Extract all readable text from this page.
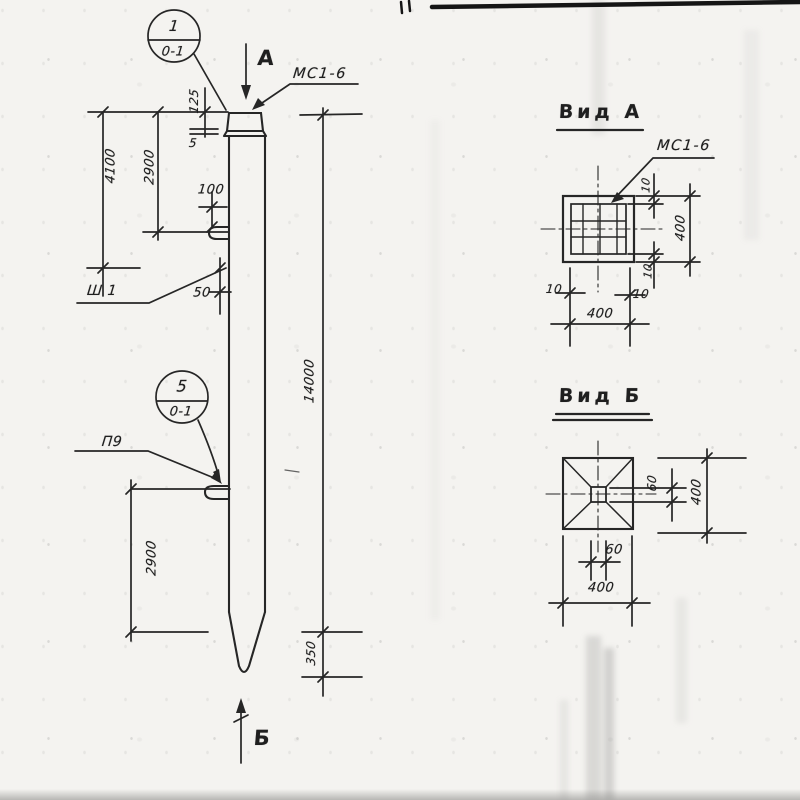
1
0-1
5
0-1
А
Б
МС1-6
Ш 1
П9
125
5
2900
4100
100
50
14000
2900
350
Вид А
МС1-6
10
400
10
10	10
400
Вид Б
60 400
60
400
